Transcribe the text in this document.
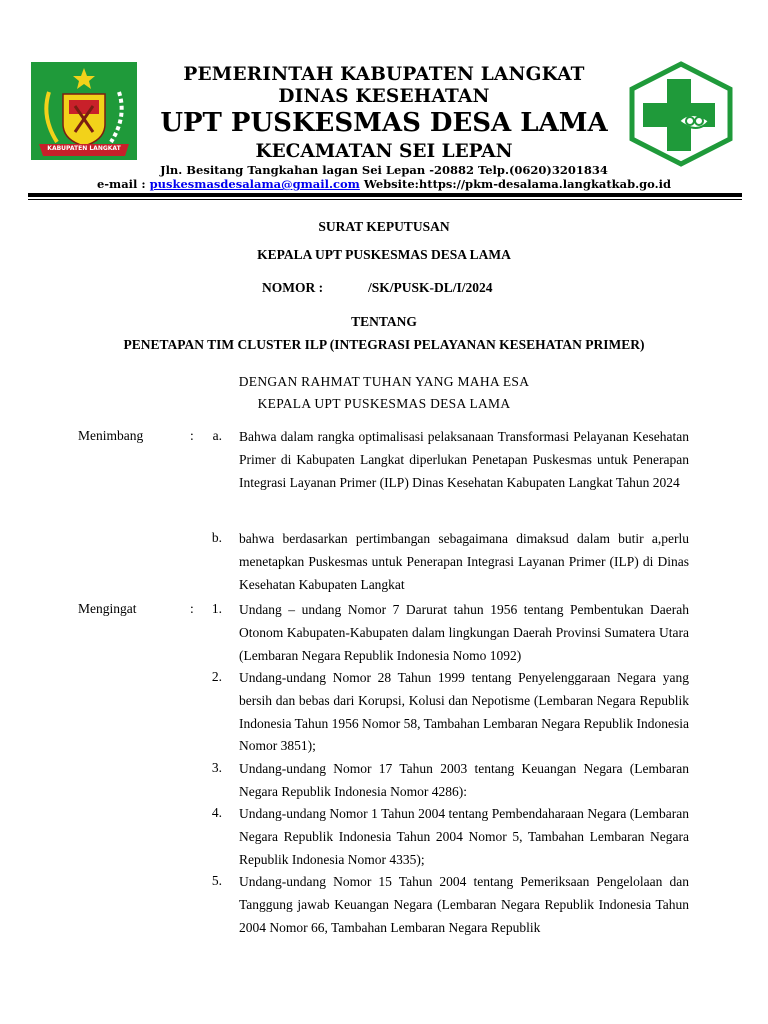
KABUPATEN LANGKAT
PEMERINTAH KABUPATEN LANGKAT
DINAS KESEHATAN
UPT PUSKESMAS DESA LAMA
KECAMATAN SEI LEPAN
Jln. Besitang Tangkahan lagan Sei Lepan -20882 Telp.(0620)3201834
e-mail : puskesmasdesalama@gmail.com Website:https://pkm-desalama.langkatkab.go.id
SURAT KEPUTUSAN
KEPALA UPT PUSKESMAS DESA LAMA
NOMOR :	/SK/PUSK-DL/I/2024
TENTANG
PENETAPAN TIM CLUSTER ILP (INTEGRASI PELAYANAN KESEHATAN PRIMER)
DENGAN RAHMAT TUHAN YANG MAHA ESA
KEPALA UPT PUSKESMAS DESA LAMA
Menimbang	:	a. Bahwa dalam rangka optimalisasi pelaksanaan Transformasi Pelayanan Kesehatan Primer di Kabupaten Langkat diperlukan Penetapan Puskesmas untuk Penerapan Integrasi Layanan Primer (ILP) Dinas Kesehatan Kabupaten Langkat Tahun 2024
b. bahwa berdasarkan pertimbangan sebagaimana dimaksud dalam butir a,perlu menetapkan Puskesmas untuk Penerapan Integrasi Layanan Primer (ILP) di Dinas Kesehatan Kabupaten Langkat
Mengingat	:	1. Undang – undang Nomor 7 Darurat tahun 1956 tentang Pembentukan Daerah Otonom Kabupaten-Kabupaten dalam lingkungan Daerah Provinsi Sumatera Utara (Lembaran Negara Republik Indonesia Nomo 1092)
2. Undang-undang Nomor 28 Tahun 1999 tentang Penyelenggaraan Negara yang bersih dan bebas dari Korupsi, Kolusi dan Nepotisme (Lembaran Negara Republik Indonesia Tahun 1956 Nomor 58, Tambahan Lembaran Negara Republik Indonesia Nomor 3851);
3. Undang-undang Nomor 17 Tahun 2003 tentang Keuangan Negara (Lembaran Negara Republik Indonesia Nomor 4286):
4. Undang-undang Nomor 1 Tahun 2004 tentang Pembendaharaan Negara (Lembaran Negara Republik Indonesia Tahun 2004 Nomor 5, Tambahan Lembaran Negara Republik Indonesia Nomor 4335);
5. Undang-undang Nomor 15 Tahun 2004 tentang Pemeriksaan Pengelolaan dan Tanggung jawab Keuangan Negara (Lembaran Negara Republik Indonesia Tahun 2004 Nomor 66, Tambahan Lembaran Negara Republik
